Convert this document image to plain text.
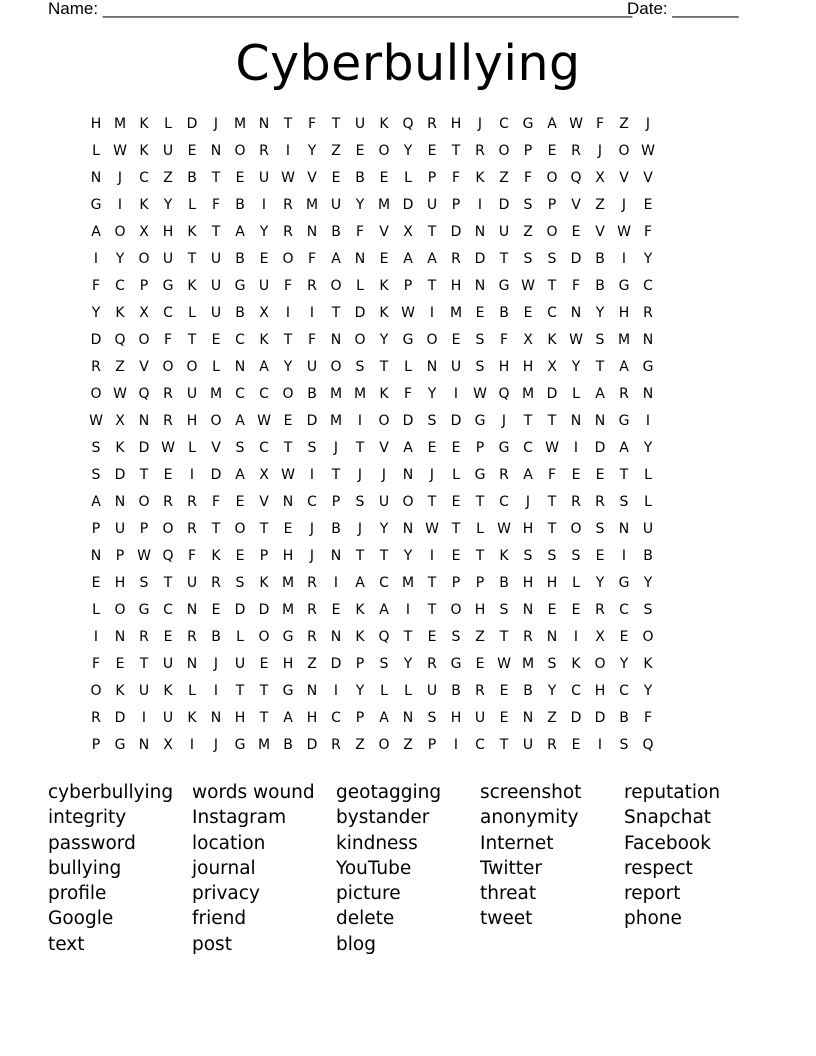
Name: ________________________________________________________
Date: _______
Cyberbullying
H M K	L	D	J	M N	T	F	T	U	K Q R H	J	C G A W F	Z	J
L W K	U	E	N O R	I	Y	Z	E	O	Y	E	T	R O	P	E	R	J	O W
N	J	C	Z	B	T	E	U W V	E	B	E	L	P	F	K	Z	F	O Q X	V	V
G	I	K	Y	L	F	B	I	R M U	Y M D U	P	I	D	S	P	V	Z	J	E
A O X H	K	T	A	Y	R N B	F	V	X	T	D N U	Z O	E	V W F
I	Y	O U	T	U	B	E	O	F	A N	E	A	A	R D	T	S	S	D B	I	Y
F	C	P	G K	U G U	F	R O	L	K	P	T	H N G W T	F	B G C
Y	K	X	C	L	U	B	X	I	I	T	D	K W	I	M E	B	E	C N	Y	H R
D Q O	F	T	E	C	K	T	F	N O	Y	G O	E	S	F	X	K W S M N
R	Z	V O O	L	N A	Y	U O	S	T	L	N U	S	H H X	Y	T	A G
O W Q R	U M C	C O B M M K	F	Y	I	W Q M D	L	A	R N
W X N R H O A W E	D M	I	O D	S	D G	J	T	T	N N G	I
S	K	D W L	V	S	C	T	S	J	T	V	A	E	E	P	G C W	I	D A	Y
S	D	T	E	I	D A	X W	I	T	J	J	N	J	L	G R	A	F	E	E	T	L
A N O R	R	F	E	V N C	P	S	U O	T	E	T	C	J	T	R	R	S	L
P	U	P	O R	T	O	T	E	J	B	J	Y	N W T	L W H	T	O	S	N U
N	P W Q	F	K	E	P	H	J	N	T	T	Y	I	E	T	K	S	S	S	E	I	B
E	H	S	T	U	R	S	K M R	I	A	C M T	P	P	B H H	L	Y	G	Y
L	O G C N	E	D D M R	E	K	A	I	T	O H	S	N	E	E	R	C	S
I	N R	E	R	B	L	O G R N	K Q	T	E	S	Z	T	R N	I	X	E	O
F	E	T	U N	J	U	E	H Z D	P	S	Y	R G	E W M S	K O	Y	K
O K	U	K	L	I	T	T	G N	I	Y	L	L	U	B	R	E	B	Y	C H C	Y
R D	I	U	K	N H	T	A H C	P	A N	S	H U	E	N Z D D B	F
P	G N X	I	J	G M B D R	Z O Z	P	I	C	T	U	R	E	I	S	Q
cyberbullying
integrity
password
bullying
profile
Google
text
words wound
Instagram
location
journal
privacy
friend
post
geotagging
bystander
kindness
YouTube
picture
delete
blog
screenshot
anonymity
Internet
Twitter
threat
tweet
reputation
Snapchat
Facebook
respect
report
phone
